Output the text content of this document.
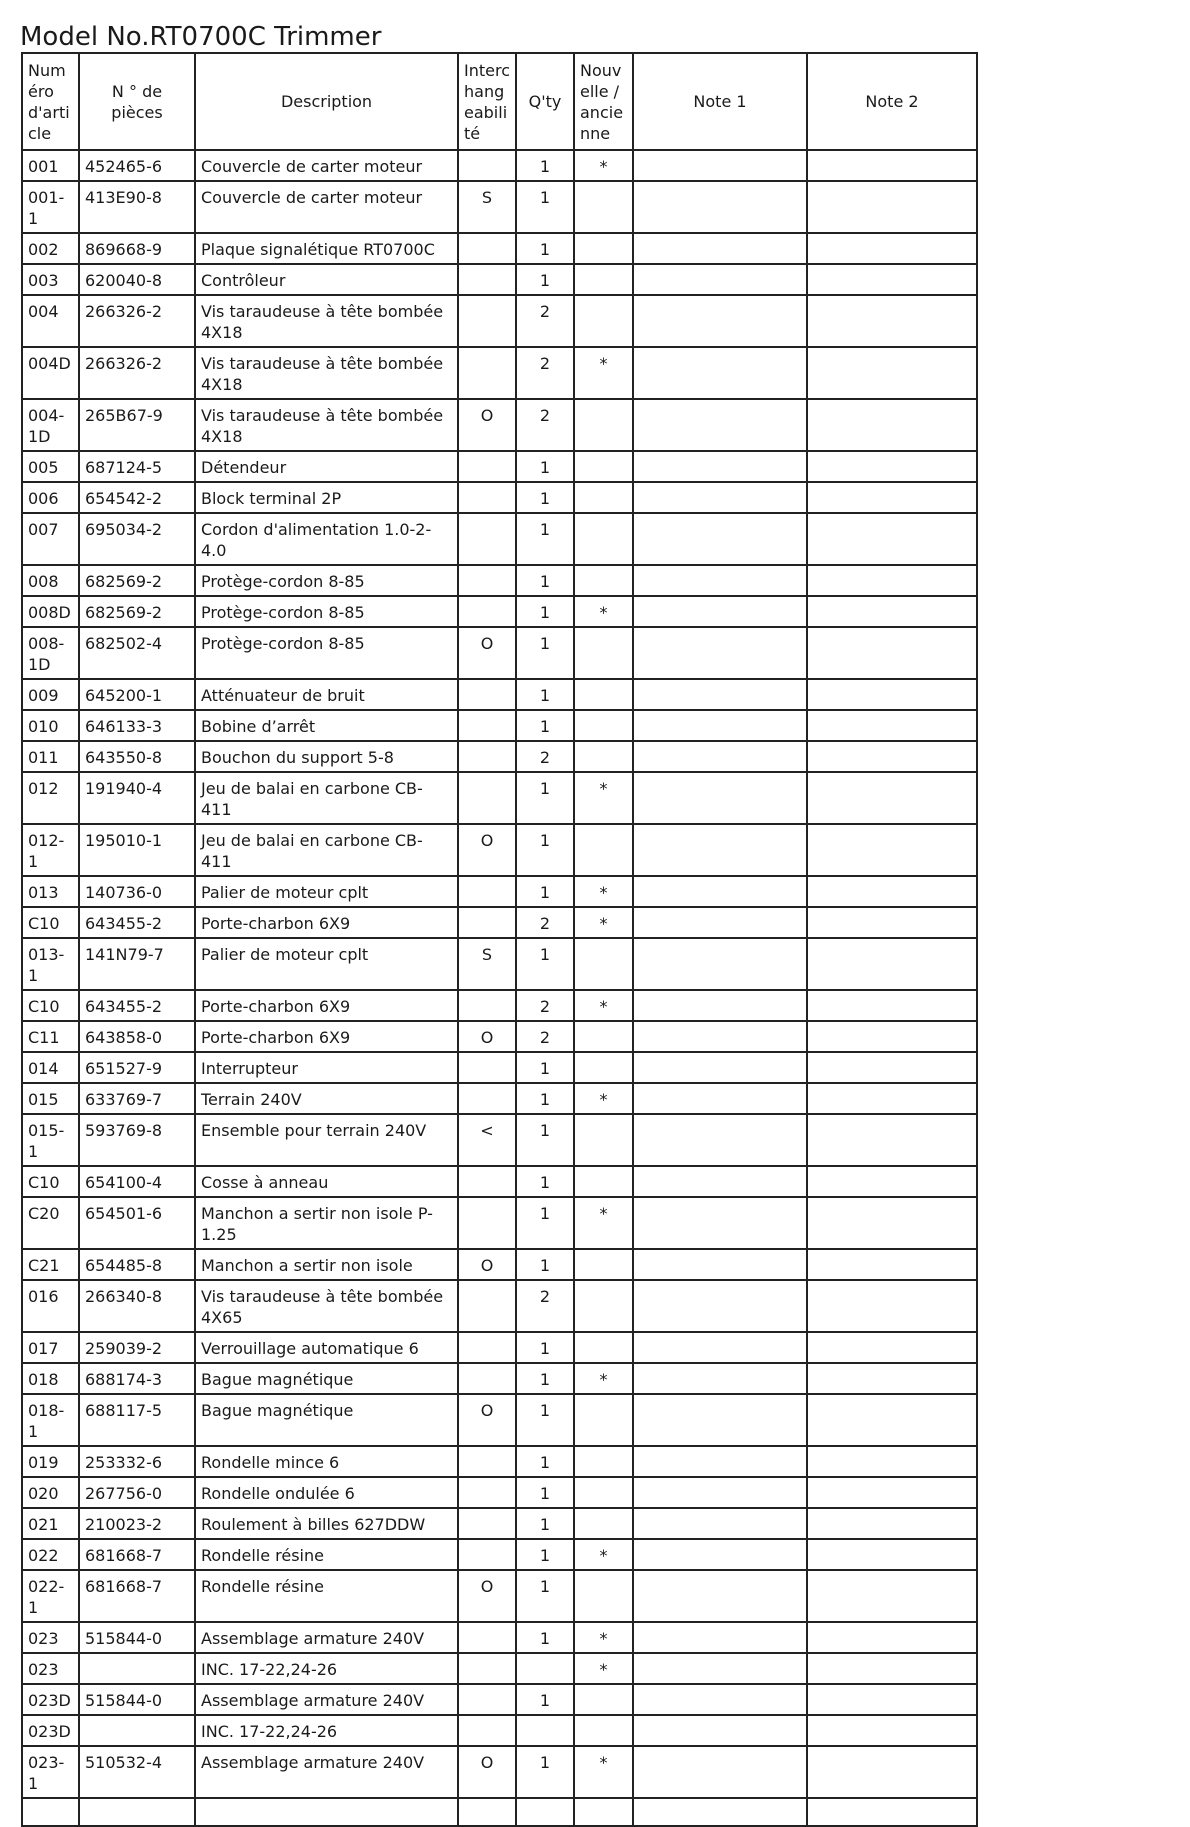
Model No.RT0700C Trimmer
Numéro d'article	N ° de pièces	Description	Interchangeabilité	Q'ty	Nouvelle / ancienne	Note 1	Note 2
001	452465-6	Couvercle de carter moteur		1	*		
001-1	413E90-8	Couvercle de carter moteur	S	1			
002	869668-9	Plaque signalétique RT0700C		1			
003	620040-8	Contrôleur		1			
004	266326-2	Vis taraudeuse à tête bombée 4X18		2			
004D	266326-2	Vis taraudeuse à tête bombée 4X18		2	*		
004-1D	265B67-9	Vis taraudeuse à tête bombée 4X18	O	2			
005	687124-5	Détendeur		1			
006	654542-2	Block terminal 2P		1			
007	695034-2	Cordon d'alimentation 1.0-2-4.0		1			
008	682569-2	Protège-cordon 8-85		1			
008D	682569-2	Protège-cordon 8-85		1	*		
008-1D	682502-4	Protège-cordon 8-85	O	1			
009	645200-1	Atténuateur de bruit		1			
010	646133-3	Bobine d’arrêt		1			
011	643550-8	Bouchon du support 5-8		2			
012	191940-4	Jeu de balai en carbone CB-411		1	*		
012-1	195010-1	Jeu de balai en carbone CB-411	O	1			
013	140736-0	Palier de moteur cplt		1	*		
C10	643455-2	Porte-charbon 6X9		2	*		
013-1	141N79-7	Palier de moteur cplt	S	1			
C10	643455-2	Porte-charbon 6X9		2	*		
C11	643858-0	Porte-charbon 6X9	O	2			
014	651527-9	Interrupteur		1			
015	633769-7	Terrain 240V		1	*		
015-1	593769-8	Ensemble pour terrain 240V	<	1			
C10	654100-4	Cosse à anneau		1			
C20	654501-6	Manchon a sertir non isole P-1.25		1	*		
C21	654485-8	Manchon a sertir non isole	O	1			
016	266340-8	Vis taraudeuse à tête bombée 4X65		2			
017	259039-2	Verrouillage automatique 6		1			
018	688174-3	Bague magnétique		1	*		
018-1	688117-5	Bague magnétique	O	1			
019	253332-6	Rondelle mince 6		1			
020	267756-0	Rondelle ondulée 6		1			
021	210023-2	Roulement à billes 627DDW		1			
022	681668-7	Rondelle résine		1	*		
022-1	681668-7	Rondelle résine	O	1			
023	515844-0	Assemblage armature 240V		1	*		
023		INC. 17-22,24-26			*		
023D	515844-0	Assemblage armature 240V		1			
023D		INC. 17-22,24-26					
023-1	510532-4	Assemblage armature 240V	O	1	*		
